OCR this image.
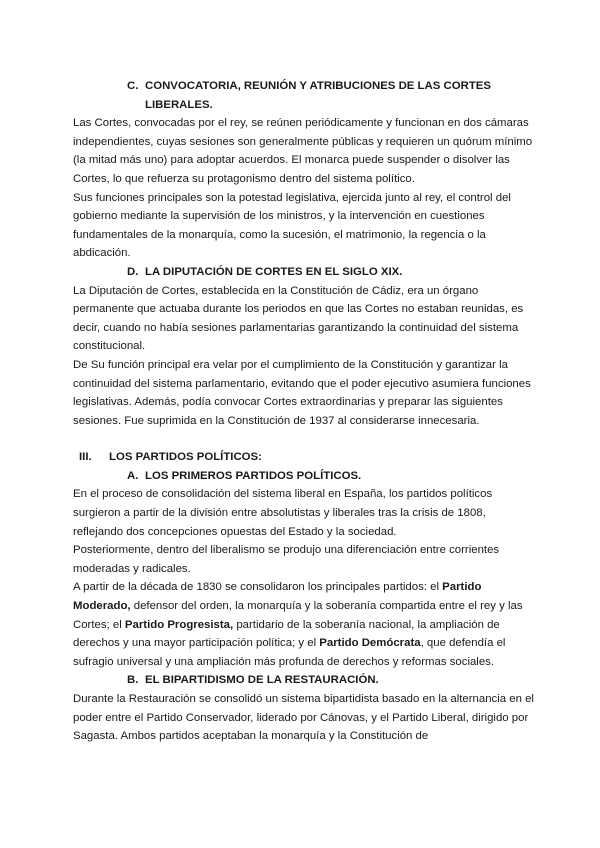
C. CONVOCATORIA, REUNIÓN Y ATRIBUCIONES DE LAS CORTES LIBERALES.

Las Cortes, convocadas por el rey, se reúnen periódicamente y funcionan en dos cámaras independientes, cuyas sesiones son generalmente públicas y requieren un quórum mínimo (la mitad más uno) para adoptar acuerdos. El monarca puede suspender o disolver las Cortes, lo que refuerza su protagonismo dentro del sistema político.

Sus funciones principales son la potestad legislativa, ejercida junto al rey, el control del gobierno mediante la supervisión de los ministros, y la intervención en cuestiones fundamentales de la monarquía, como la sucesión, el matrimonio, la regencia o la abdicación.

D. LA DIPUTACIÓN DE CORTES EN EL SIGLO XIX.

La Diputación de Cortes, establecida en la Constitución de Cádiz, era un órgano permanente que actuaba durante los periodos en que las Cortes no estaban reunidas, es decir, cuando no había sesiones parlamentarias garantizando la continuidad del sistema constitucional.

De Su función principal era velar por el cumplimiento de la Constitución y garantizar la continuidad del sistema parlamentario, evitando que el poder ejecutivo asumiera funciones legislativas. Además, podía convocar Cortes extraordinarias y preparar las siguientes sesiones. Fue suprimida en la Constitución de 1937 al considerarse innecesaria.

III.	LOS PARTIDOS POLÍTICOS:
A. LOS PRIMEROS PARTIDOS POLÍTICOS.

En el proceso de consolidación del sistema liberal en España, los partidos políticos surgieron a partir de la división entre absolutistas y liberales tras la crisis de 1808, reflejando dos concepciones opuestas del Estado y la sociedad.

Posteriormente, dentro del liberalismo se produjo una diferenciación entre corrientes moderadas y radicales.

A partir de la década de 1830 se consolidaron los principales partidos: el Partido Moderado, defensor del orden, la monarquía y la soberanía compartida entre el rey y las Cortes; el Partido Progresista, partidario de la soberanía nacional, la ampliación de derechos y una mayor participación política; y el Partido Demócrata, que defendía el sufragio universal y una ampliación más profunda de derechos y reformas sociales.

B. EL BIPARTIDISMO DE LA RESTAURACIÓN.

Durante la Restauración se consolidó un sistema bipartidista basado en la alternancia en el poder entre el Partido Conservador, liderado por Cánovas, y el Partido Liberal, dirigido por Sagasta. Ambos partidos aceptaban la monarquía y la Constitución de
